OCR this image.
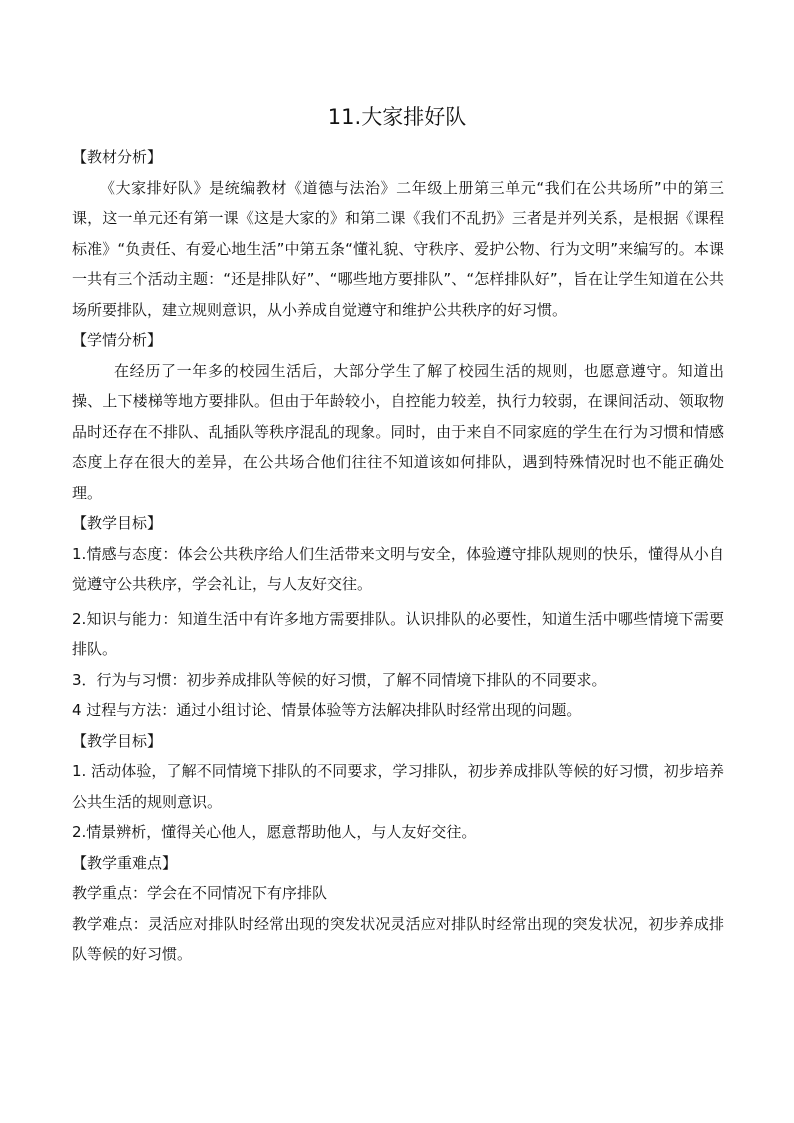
11.大家排好队
【教材分析】

《大家排好队》是统编教材《道德与法治》二年级上册第三单元“我们在公共场所”中的第三课，这一单元还有第一课《这是大家的》和第二课《我们不乱扔》三者是并列关系，是根据《课程标准》“负责任、有爱心地生活”中第五条“懂礼貌、守秩序、爱护公物、行为文明”来编写的。本课一共有三个活动主题：“还是排队好”、“哪些地方要排队”、“怎样排队好”，旨在让学生知道在公共场所要排队，建立规则意识，从小养成自觉遵守和维护公共秩序的好习惯。

【学情分析】

在经历了一年多的校园生活后，大部分学生了解了校园生活的规则，也愿意遵守。知道出操、上下楼梯等地方要排队。但由于年龄较小，自控能力较差，执行力较弱，在课间活动、领取物品时还存在不排队、乱插队等秩序混乱的现象。同时，由于来自不同家庭的学生在行为习惯和情感态度上存在很大的差异，在公共场合他们往往不知道该如何排队，遇到特殊情况时也不能正确处理。

【教学目标】

1.情感与态度：体会公共秩序给人们生活带来文明与安全，体验遵守排队规则的快乐，懂得从小自觉遵守公共秩序，学会礼让，与人友好交往。

2.知识与能力：知道生活中有许多地方需要排队。认识排队的必要性，知道生活中哪些情境下需要排队。

3．行为与习惯：初步养成排队等候的好习惯，了解不同情境下排队的不同要求。

4 过程与方法：通过小组讨论、情景体验等方法解决排队时经常出现的问题。

【教学目标】

1. 活动体验，了解不同情境下排队的不同要求，学习排队，初步养成排队等候的好习惯，初步培养公共生活的规则意识。

2.情景辨析，懂得关心他人，愿意帮助他人，与人友好交往。

【教学重难点】

教学重点：学会在不同情况下有序排队

教学难点：灵活应对排队时经常出现的突发状况灵活应对排队时经常出现的突发状况，初步养成排队等候的好习惯。
